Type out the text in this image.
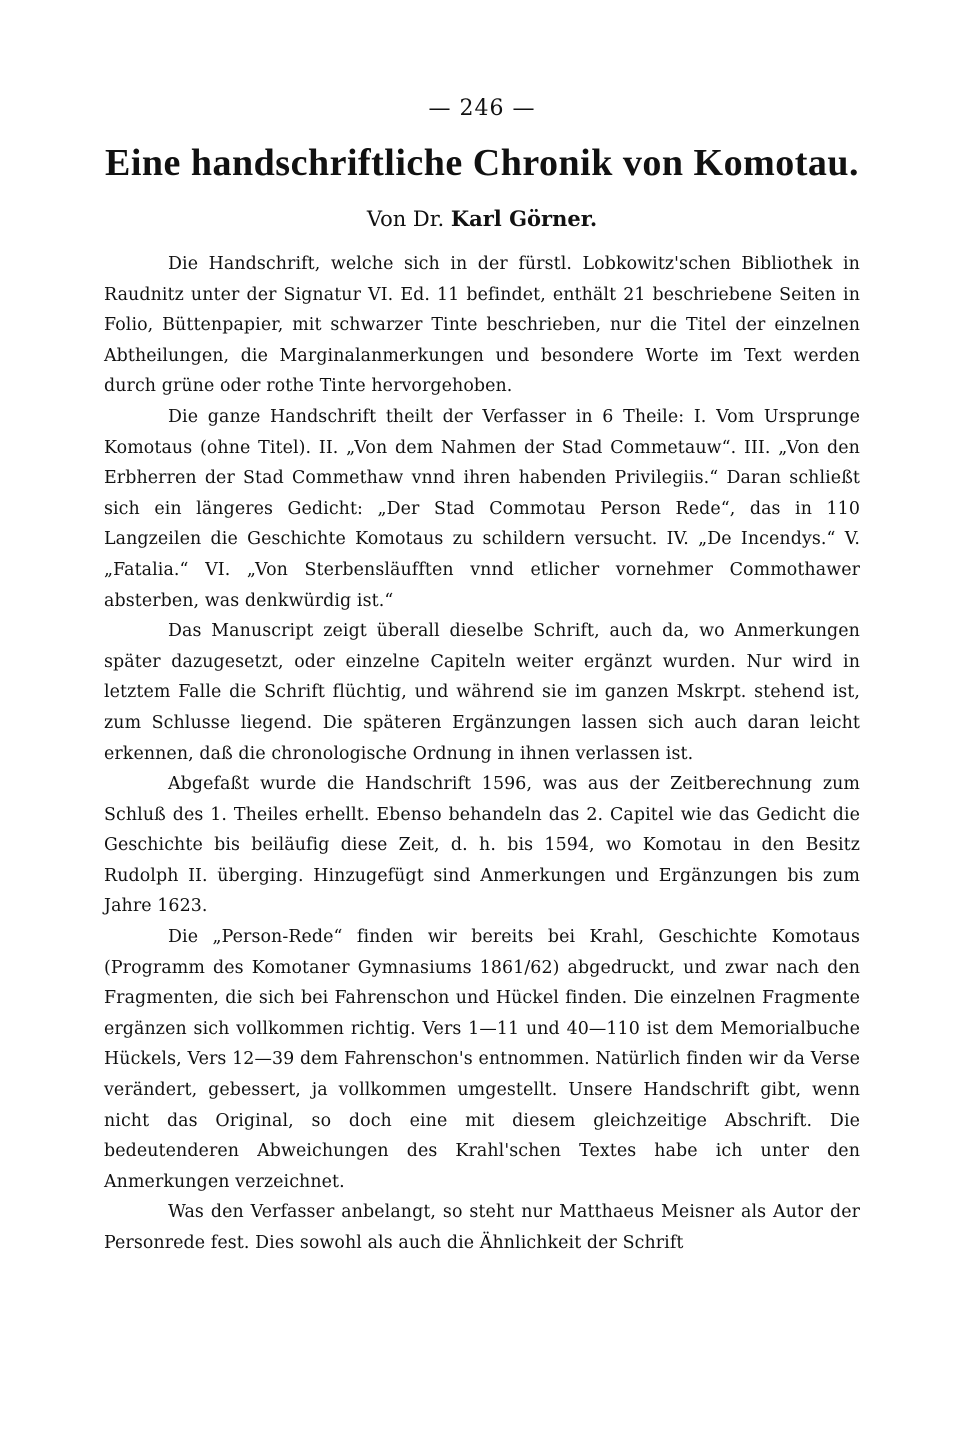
— 246 —
Eine handschriftliche Chronik von Komotau.
Von Dr. Karl Görner.

Die Handschrift, welche sich in der fürstl. Lobkowitz'schen Bibliothek in Raudnitz unter der Signatur VI. Ed. 11 befindet, enthält 21 beschriebene Seiten in Folio, Büttenpapier, mit schwarzer Tinte beschrieben, nur die Titel der einzelnen Abtheilungen, die Marginalanmerkungen und besondere Worte im Text werden durch grüne oder rothe Tinte hervorgehoben.

Die ganze Handschrift theilt der Verfasser in 6 Theile: I. Vom Ursprunge Komotaus (ohne Titel). II. „Von dem Nahmen der Stad Commetauw“. III. „Von den Erbherren der Stad Commethaw vnnd ihren habenden Privilegiis.“ Daran schließt sich ein längeres Gedicht: „Der Stad Commotau Person Rede“, das in 110 Langzeilen die Geschichte Komotaus zu schildern versucht. IV. „De Incendys.“ V. „Fatalia.“ VI. „Von Sterbensläufften vnnd etlicher vornehmer Commothawer absterben, was denkwürdig ist.“

Das Manuscript zeigt überall dieselbe Schrift, auch da, wo Anmerkungen später dazugesetzt, oder einzelne Capiteln weiter ergänzt wurden. Nur wird in letztem Falle die Schrift flüchtig, und während sie im ganzen Mskrpt. stehend ist, zum Schlusse liegend. Die späteren Ergänzungen lassen sich auch daran leicht erkennen, daß die chronologische Ordnung in ihnen verlassen ist.

Abgefaßt wurde die Handschrift 1596, was aus der Zeitberechnung zum Schluß des 1. Theiles erhellt. Ebenso behandeln das 2. Capitel wie das Gedicht die Geschichte bis beiläufig diese Zeit, d. h. bis 1594, wo Komotau in den Besitz Rudolph II. überging. Hinzugefügt sind Anmerkungen und Ergänzungen bis zum Jahre 1623.

Die „Person-Rede“ finden wir bereits bei Krahl, Geschichte Komotaus (Programm des Komotaner Gymnasiums 1861/62) abgedruckt, und zwar nach den Fragmenten, die sich bei Fahrenschon und Hückel finden. Die einzelnen Fragmente ergänzen sich vollkommen richtig. Vers 1—11 und 40—110 ist dem Memorialbuche Hückels, Vers 12—39 dem Fahrenschon's entnommen. Natürlich finden wir da Verse verändert, gebessert, ja vollkommen umgestellt. Unsere Handschrift gibt, wenn nicht das Original, so doch eine mit diesem gleichzeitige Abschrift. Die bedeutenderen Abweichungen des Krahl'schen Textes habe ich unter den Anmerkungen verzeichnet.

Was den Verfasser anbelangt, so steht nur Matthaeus Meisner als Autor der Personrede fest. Dies sowohl als auch die Ähnlichkeit der Schrift
